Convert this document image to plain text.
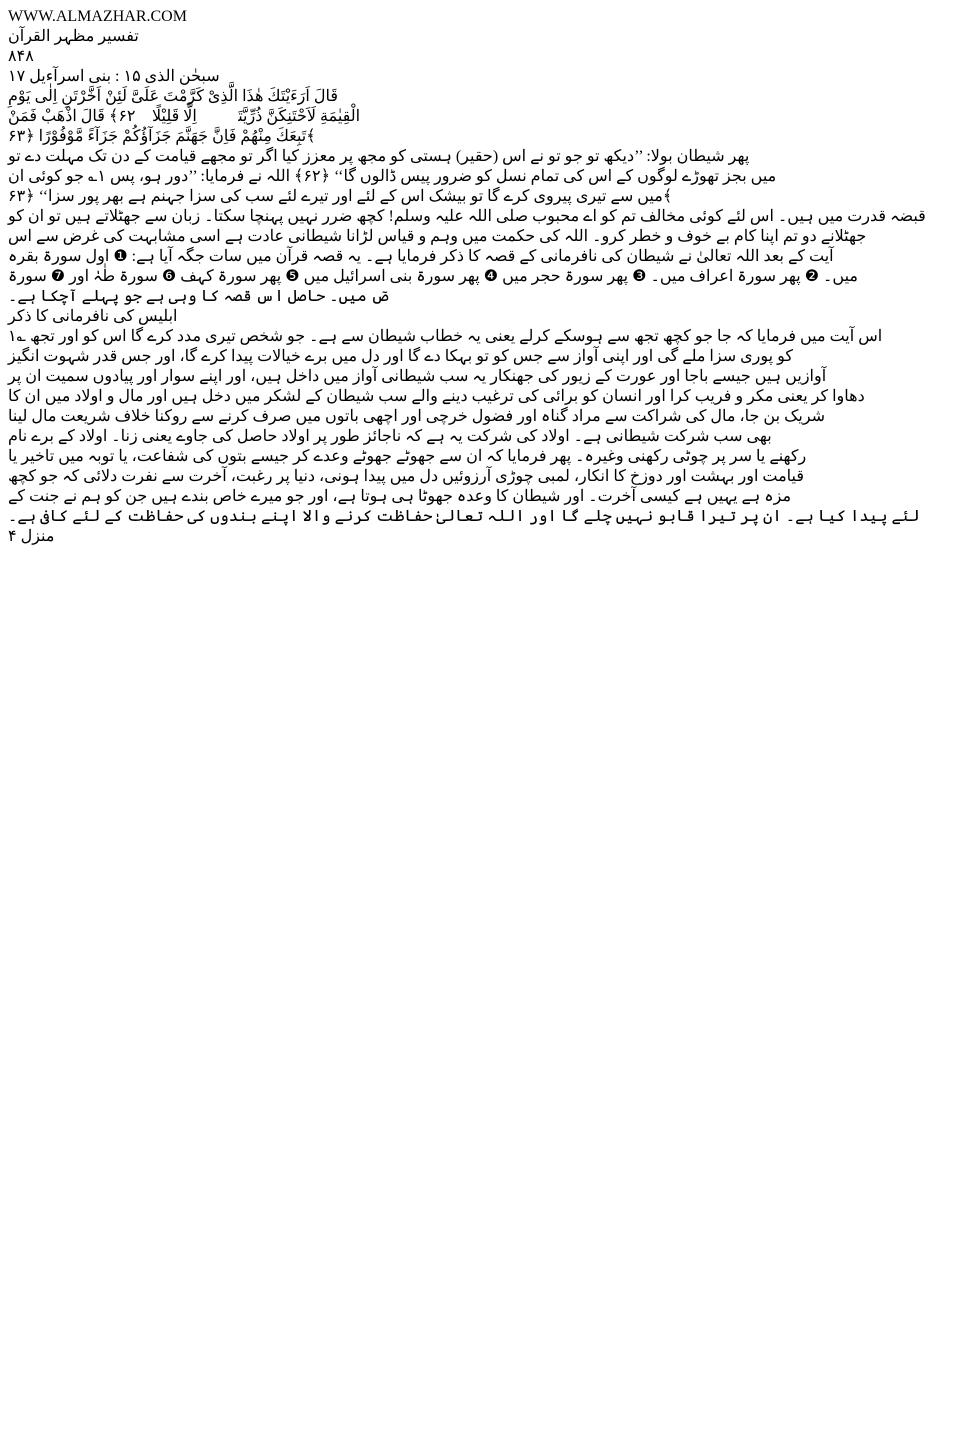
WWW.ALMAZHAR.COM
تفسیر مظہر القرآن
۸۴۸
سبحٰن الذی ۱۵ : بنی اسرآءیل ۱۷
قَالَ اَرَءَيْتَكَ هٰذَا الَّذِىْ كَرَّمْتَ عَلَىَّ لَئِنْ اَخَّرْتَنِ اِلٰى يَوْمِ
الْقِيٰمَةِ لَاَحْتَنِكَنَّ ذُرِّيَّتَهٗۤ اِلَّا قَلِيْلًا ﴿۶۲﴾ قَالَ اذْهَبْ فَمَنْ
تَبِعَكَ مِنْهُمْ فَاِنَّ جَهَنَّمَ جَزَآؤُكُمْ جَزَآءً مَّوْفُوْرًا ﴿۶۳﴾
پھر شیطان بولا: ’’دیکھ تو جو تو نے اس (حقیر) ہستی کو مجھ پر معزز کیا اگر تو مجھے قیامت کے دن تک مہلت دے تو
میں بجز تھوڑے لوگوں کے اس کی تمام نسل کو ضرور پیس ڈالوں گا‘‘ ﴿۶۲﴾ اللہ نے فرمایا: ’’دور ہو، پس ۱؎ جو کوئی ان
میں سے تیری پیروی کرے گا تو بیشک اس کے لئے اور تیرے لئے سب کی سزا جہنم ہے بھر پور سزا‘‘ ﴿۶۳﴾
قبضہ قدرت میں ہیں۔ اس لئے کوئی مخالف تم کو اے محبوب صلی اللہ علیہ وسلم! کچھ ضرر نہیں پہنچا سکتا۔ زبان سے جھٹلاتے ہیں تو ان کو
جھٹلانے دو تم اپنا کام بے خوف و خطر کرو۔ اللہ کی حکمت میں وہم و قیاس لڑانا شیطانی عادت ہے اسی مشابہت کی غرض سے اس
آیت کے بعد اللہ تعالیٰ نے شیطان کی نافرمانی کے قصہ کا ذکر فرمایا ہے۔ یہ قصہ قرآن میں سات جگہ آیا ہے: ❶ اول سورۃ بقرہ
میں۔ ❷ پھر سورۃ اعراف میں۔ ❸ پھر سورۃ حجر میں ❹ پھر سورۃ بنی اسرائیل میں ❺ پھر سورۃ کہف ❻ سورۃ طٰہٰ اور ❼ سورۃ
صٓ میں۔ حاصل اس قصہ کا وہی ہے جو پہلے آچکا ہے۔
ابلیس کی نافرمانی کا ذکر
۱؎ اس آیت میں فرمایا کہ جا جو کچھ تجھ سے ہوسکے کرلے یعنی یہ خطاب شیطان سے ہے۔ جو شخص تیری مدد کرے گا اس کو اور تجھ
کو پوری سزا ملے گی اور اپنی آواز سے جس کو تو بہکا دے گا اور دل میں برے خیالات پیدا کرے گا، اور جس قدر شہوت انگیز
آوازیں ہیں جیسے باجا اور عورت کے زیور کی جھنکار یہ سب شیطانی آواز میں داخل ہیں، اور اپنے سوار اور پیادوں سمیت ان پر
دھاوا کر یعنی مکر و فریب کرا اور انسان کو برائی کی ترغیب دینے والے سب شیطان کے لشکر میں دخل ہیں اور مال و اولاد میں ان کا
شریک بن جا، مال کی شراکت سے مراد گناہ اور فضول خرچی اور اچھی باتوں میں صرف کرنے سے روکنا خلاف شریعت مال لینا
بھی سب شرکت شیطانی ہے۔ اولاد کی شرکت یہ ہے کہ ناجائز طور پر اولاد حاصل کی جاوے یعنی زنا۔ اولاد کے برے نام
رکھنے یا سر پر چوٹی رکھنی وغیرہ۔ پھر فرمایا کہ ان سے جھوٹے جھوٹے وعدے کر جیسے بتوں کی شفاعت، یا توبہ میں تاخیر یا
قیامت اور بہشت اور دوزخ کا انکار، لمبی چوڑی آرزوئیں دل میں پیدا ہونی، دنیا پر رغبت، آخرت سے نفرت دلائی کہ جو کچھ
مزہ ہے یہیں ہے کیسی آخرت۔ اور شیطان کا وعدہ جھوٹا ہی ہوتا ہے، اور جو میرے خاص بندے ہیں جن کو ہم نے جنت کے
لئے پیدا کیا ہے۔ ان پر تیرا قابو نہیں چلے گا اور اللہ تعالیٰ حفاظت کرنے والا اپنے بندوں کی حفاظت کے لئے کافی ہے۔
منزل ۴
